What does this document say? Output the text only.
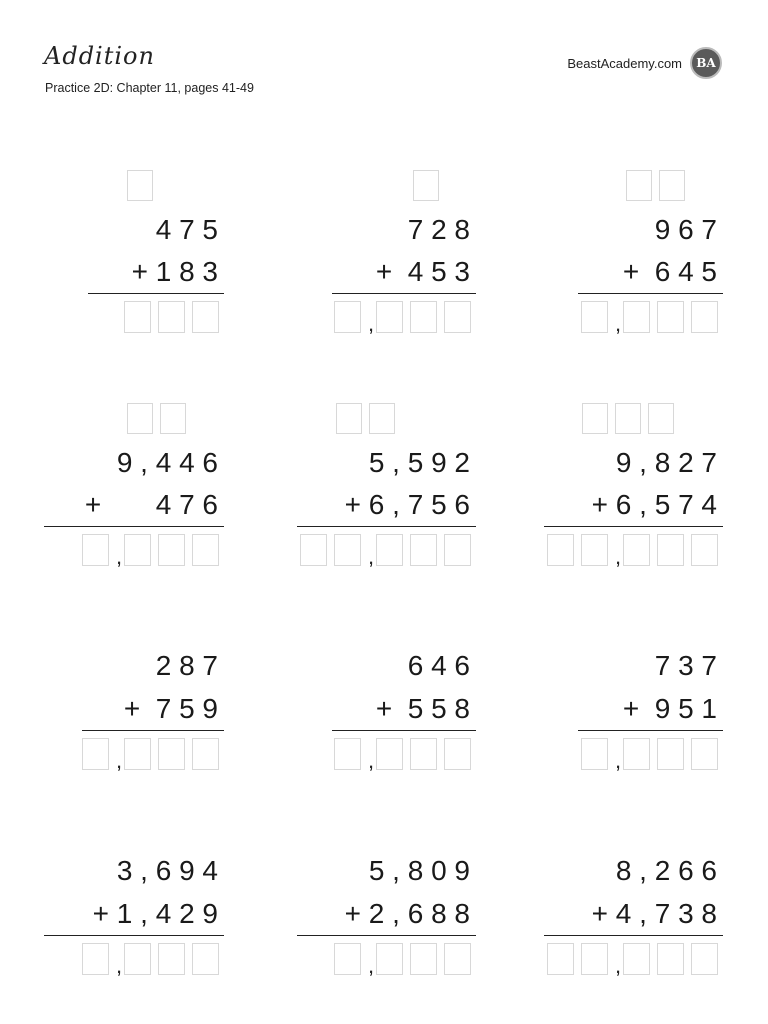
Addition
Practice 2D: Chapter 11, pages 41-49
BeastAcademy.com	BA
4 7 5
+ 1 8 3
7 2 8
+  4 5 3
,
9 6 7
+  6 4 5
,
9 , 4 4 6
+       4 7 6
,
5 , 5 9 2
+ 6 , 7 5 6
,
9 , 8 2 7
+ 6 , 5 7 4
,
2 8 7
+  7 5 9
,
6 4 6
+  5 5 8
,
7 3 7
+  9 5 1
,
3 , 6 9 4
+ 1 , 4 2 9
,
5 , 8 0 9
+ 2 , 6 8 8
,
8 , 2 6 6
+ 4 , 7 3 8
,
